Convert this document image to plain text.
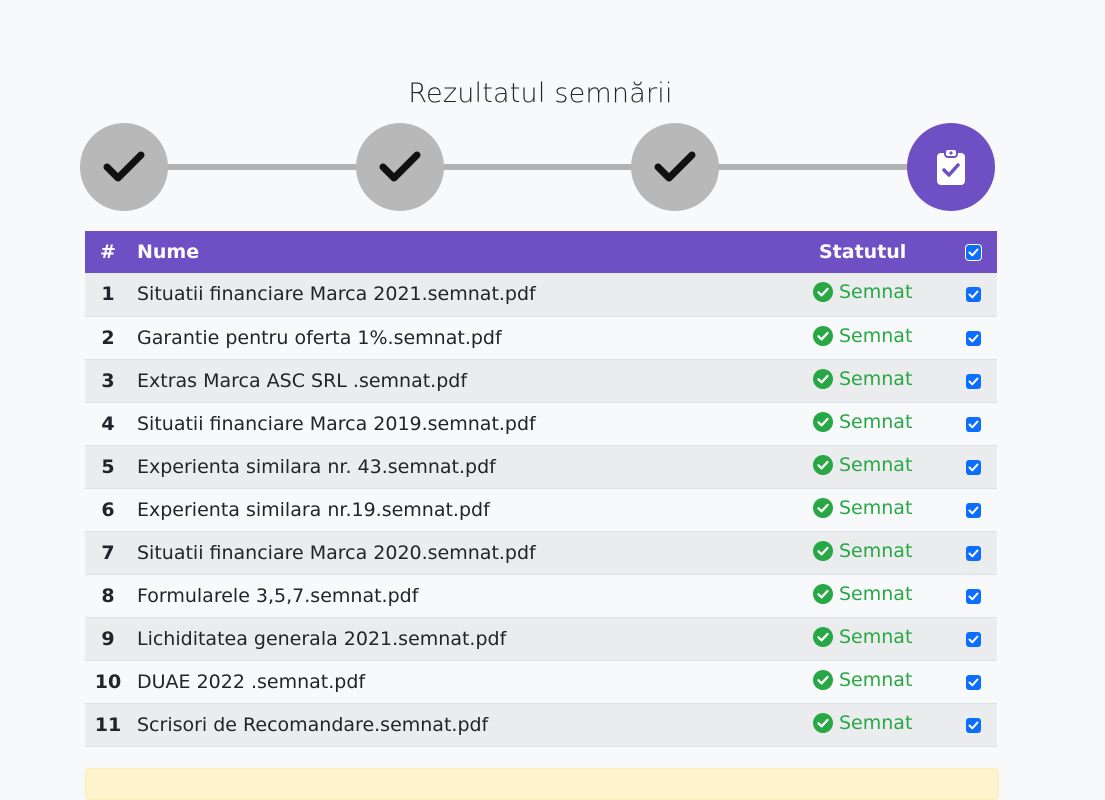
Rezultatul semnării
#	Nume	Statutul	

1	Situatii financiare Marca 2021.semnat.pdf	Semnat

2	Garantie pentru oferta 1%.semnat.pdf	Semnat

3	Extras Marca ASC SRL .semnat.pdf	Semnat

4	Situatii financiare Marca 2019.semnat.pdf	Semnat

5	Experienta similara nr. 43.semnat.pdf	Semnat

6	Experienta similara nr.19.semnat.pdf	Semnat

7	Situatii financiare Marca 2020.semnat.pdf	Semnat

8	Formularele 3,5,7.semnat.pdf	Semnat

9	Lichiditatea generala 2021.semnat.pdf	Semnat

10	DUAE 2022 .semnat.pdf	Semnat

11	Scrisori de Recomandare.semnat.pdf	Semnat
